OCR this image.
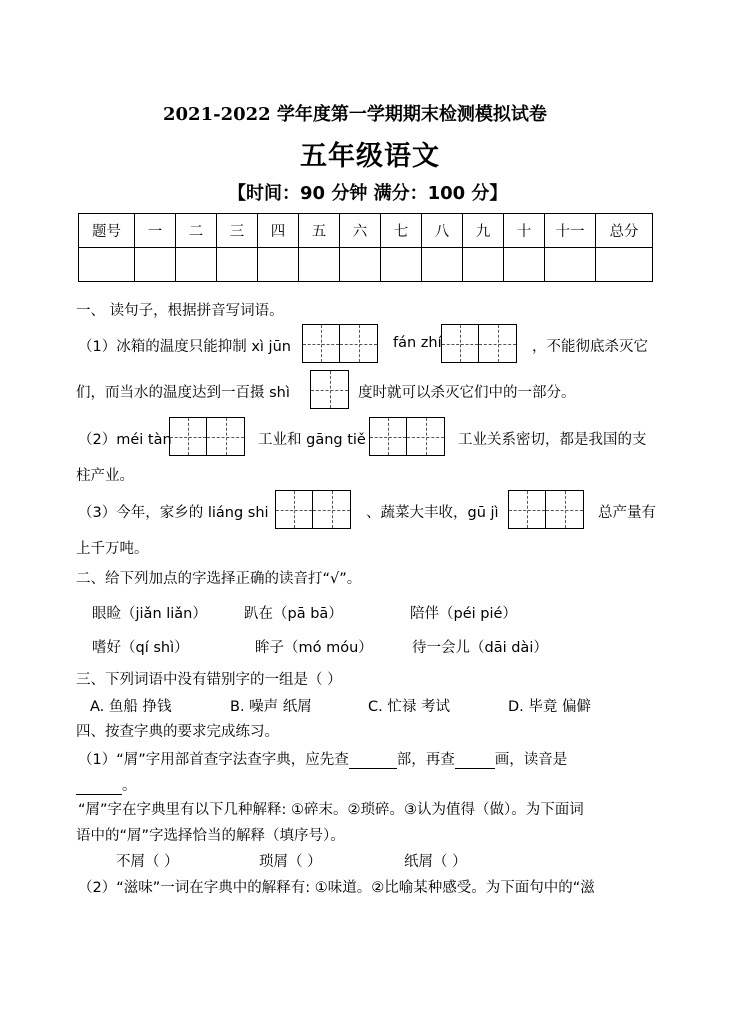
2021-2022 学年度第一学期期末检测模拟试卷
五年级语文
【时间：90 分钟 满分：100 分】
题号	一	二	三	四	五	六	七	八	九	十	十一	总分

一、 读句子，根据拼音写词语。
（1）冰箱的温度只能抑制 xì jūn	fán zhí	，不能彻底杀灭它
们，而当水的温度达到一百摄 shì	度时就可以杀灭它们中的一部分。
（2）méi tàn	工业和 gāng tiě	工业关系密切，都是我国的支
柱产业。
（3）今年，家乡的 liáng shi	、蔬菜大丰收，gū jì	总产量有
上千万吨。
二、给下列加点的字选择正确的读音打“√”。
眼睑（jiǎn liǎn）	趴在（pā bā）	陪伴（péi pié）
嗜好（qí shì）	眸子（mó móu）	待一会儿（dāi dài）
三、下列词语中没有错别字的一组是（ ）
A. 鱼船 挣钱	B. 噪声 纸屑	C. 忙禄 考试	D. 毕竟 偏僻
四、按查字典的要求完成练习。
（1）“屑”字用部首查字法查字典，应先查	部，再查	画，读音是
。
“屑”字在字典里有以下几种解释: ①碎末。②琐碎。③认为值得（做）。为下面词
语中的“屑”字选择恰当的解释（填序号）。
不屑（ ）	琐屑（ ）	纸屑（ ）
（2）“滋味”一词在字典中的解释有: ①味道。②比喻某种感受。为下面句中的“滋
